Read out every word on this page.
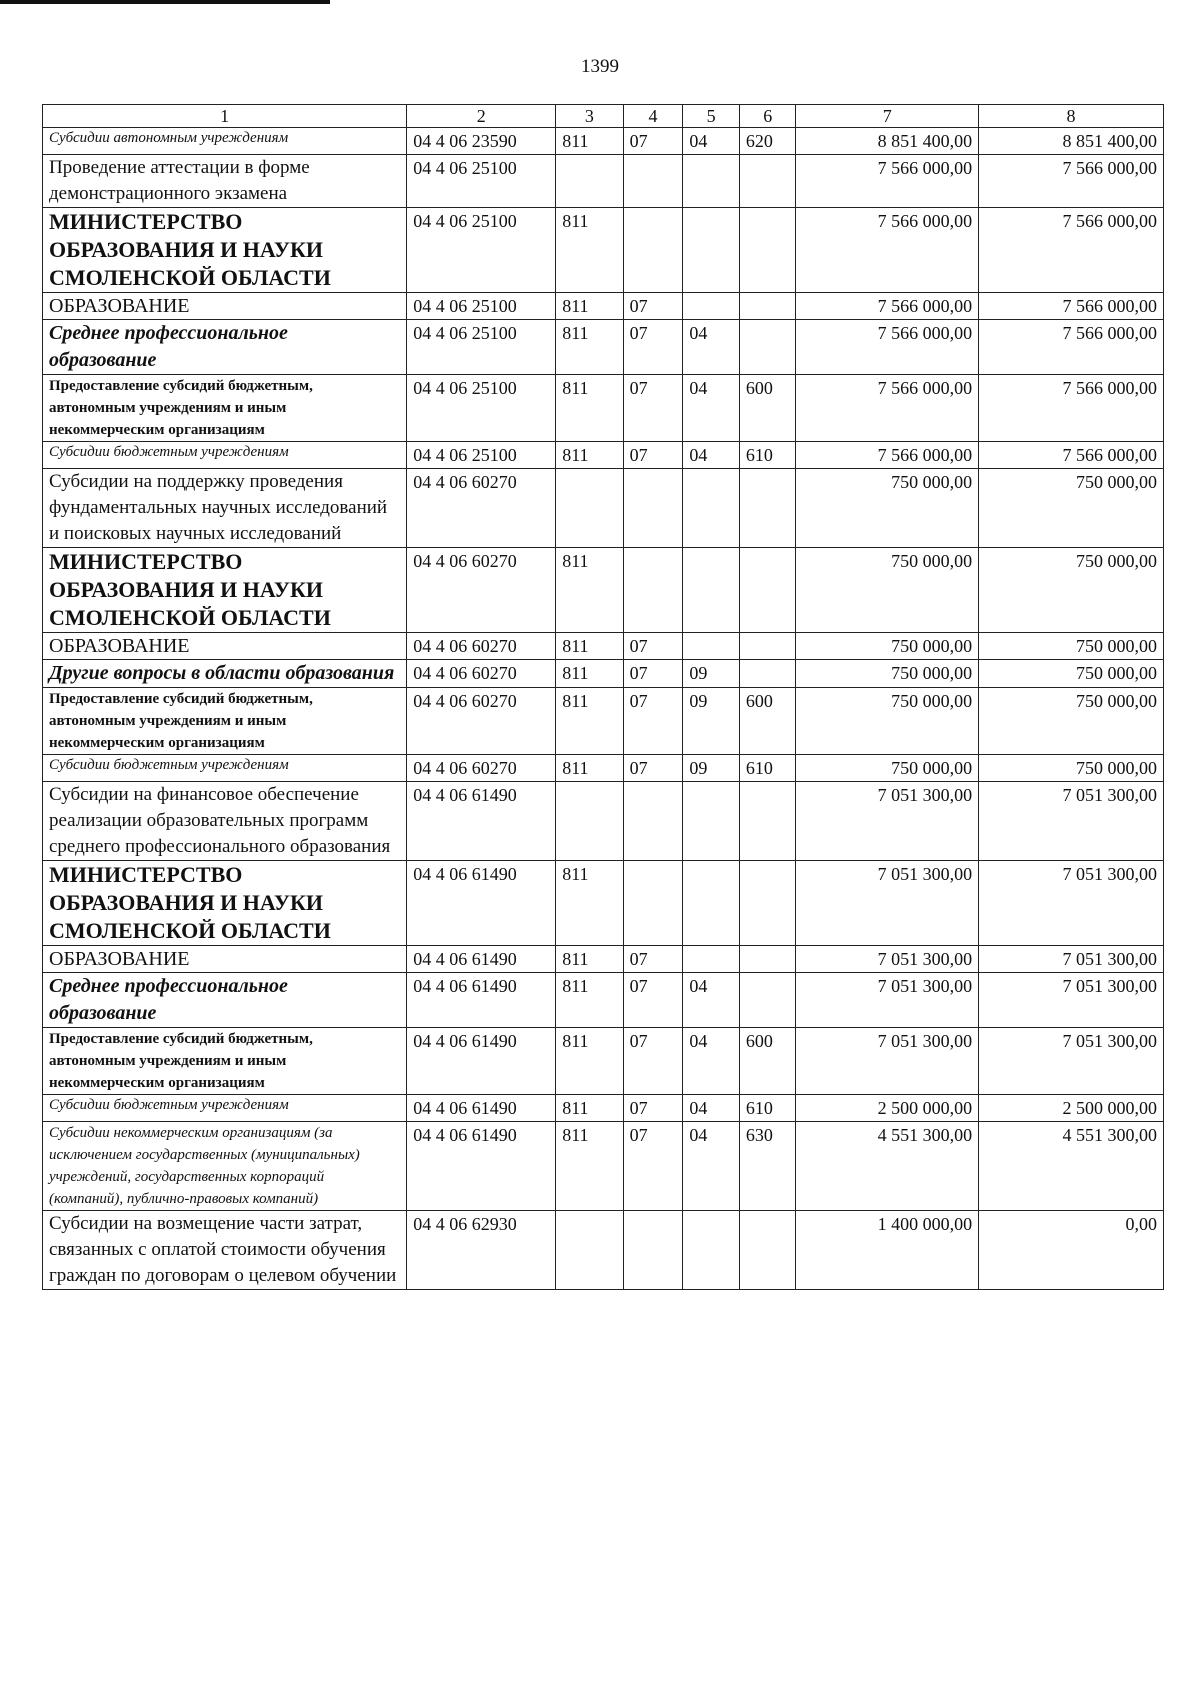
1399
1	2	3	4	5	6	7	8
Субсидии автономным учреждениям	04 4 06 23590	811	07	04	620	8 851 400,00	8 851 400,00
Проведение аттестации в форме демонстрационного экзамена	04 4 06 25100					7 566 000,00	7 566 000,00
МИНИСТЕРСТВО ОБРАЗОВАНИЯ И НАУКИ СМОЛЕНСКОЙ ОБЛАСТИ	04 4 06 25100	811				7 566 000,00	7 566 000,00
ОБРАЗОВАНИЕ	04 4 06 25100	811	07			7 566 000,00	7 566 000,00
Среднее профессиональное образование	04 4 06 25100	811	07	04		7 566 000,00	7 566 000,00
Предоставление субсидий бюджетным, автономным учреждениям и иным некоммерческим организациям	04 4 06 25100	811	07	04	600	7 566 000,00	7 566 000,00
Субсидии бюджетным учреждениям	04 4 06 25100	811	07	04	610	7 566 000,00	7 566 000,00
Субсидии на поддержку проведения фундаментальных научных исследований и поисковых научных исследований	04 4 06 60270					750 000,00	750 000,00
МИНИСТЕРСТВО ОБРАЗОВАНИЯ И НАУКИ СМОЛЕНСКОЙ ОБЛАСТИ	04 4 06 60270	811				750 000,00	750 000,00
ОБРАЗОВАНИЕ	04 4 06 60270	811	07			750 000,00	750 000,00
Другие вопросы в области образования	04 4 06 60270	811	07	09		750 000,00	750 000,00
Предоставление субсидий бюджетным, автономным учреждениям и иным некоммерческим организациям	04 4 06 60270	811	07	09	600	750 000,00	750 000,00
Субсидии бюджетным учреждениям	04 4 06 60270	811	07	09	610	750 000,00	750 000,00
Субсидии на финансовое обеспечение реализации образовательных программ среднего профессионального образования	04 4 06 61490					7 051 300,00	7 051 300,00
МИНИСТЕРСТВО ОБРАЗОВАНИЯ И НАУКИ СМОЛЕНСКОЙ ОБЛАСТИ	04 4 06 61490	811				7 051 300,00	7 051 300,00
ОБРАЗОВАНИЕ	04 4 06 61490	811	07			7 051 300,00	7 051 300,00
Среднее профессиональное образование	04 4 06 61490	811	07	04		7 051 300,00	7 051 300,00
Предоставление субсидий бюджетным, автономным учреждениям и иным некоммерческим организациям	04 4 06 61490	811	07	04	600	7 051 300,00	7 051 300,00
Субсидии бюджетным учреждениям	04 4 06 61490	811	07	04	610	2 500 000,00	2 500 000,00
Субсидии некоммерческим организациям (за исключением государственных (муниципальных) учреждений, государственных корпораций (компаний), публично-правовых компаний)	04 4 06 61490	811	07	04	630	4 551 300,00	4 551 300,00
Субсидии на возмещение части затрат, связанных с оплатой стоимости обучения граждан по договорам о целевом обучении	04 4 06 62930					1 400 000,00	0,00
